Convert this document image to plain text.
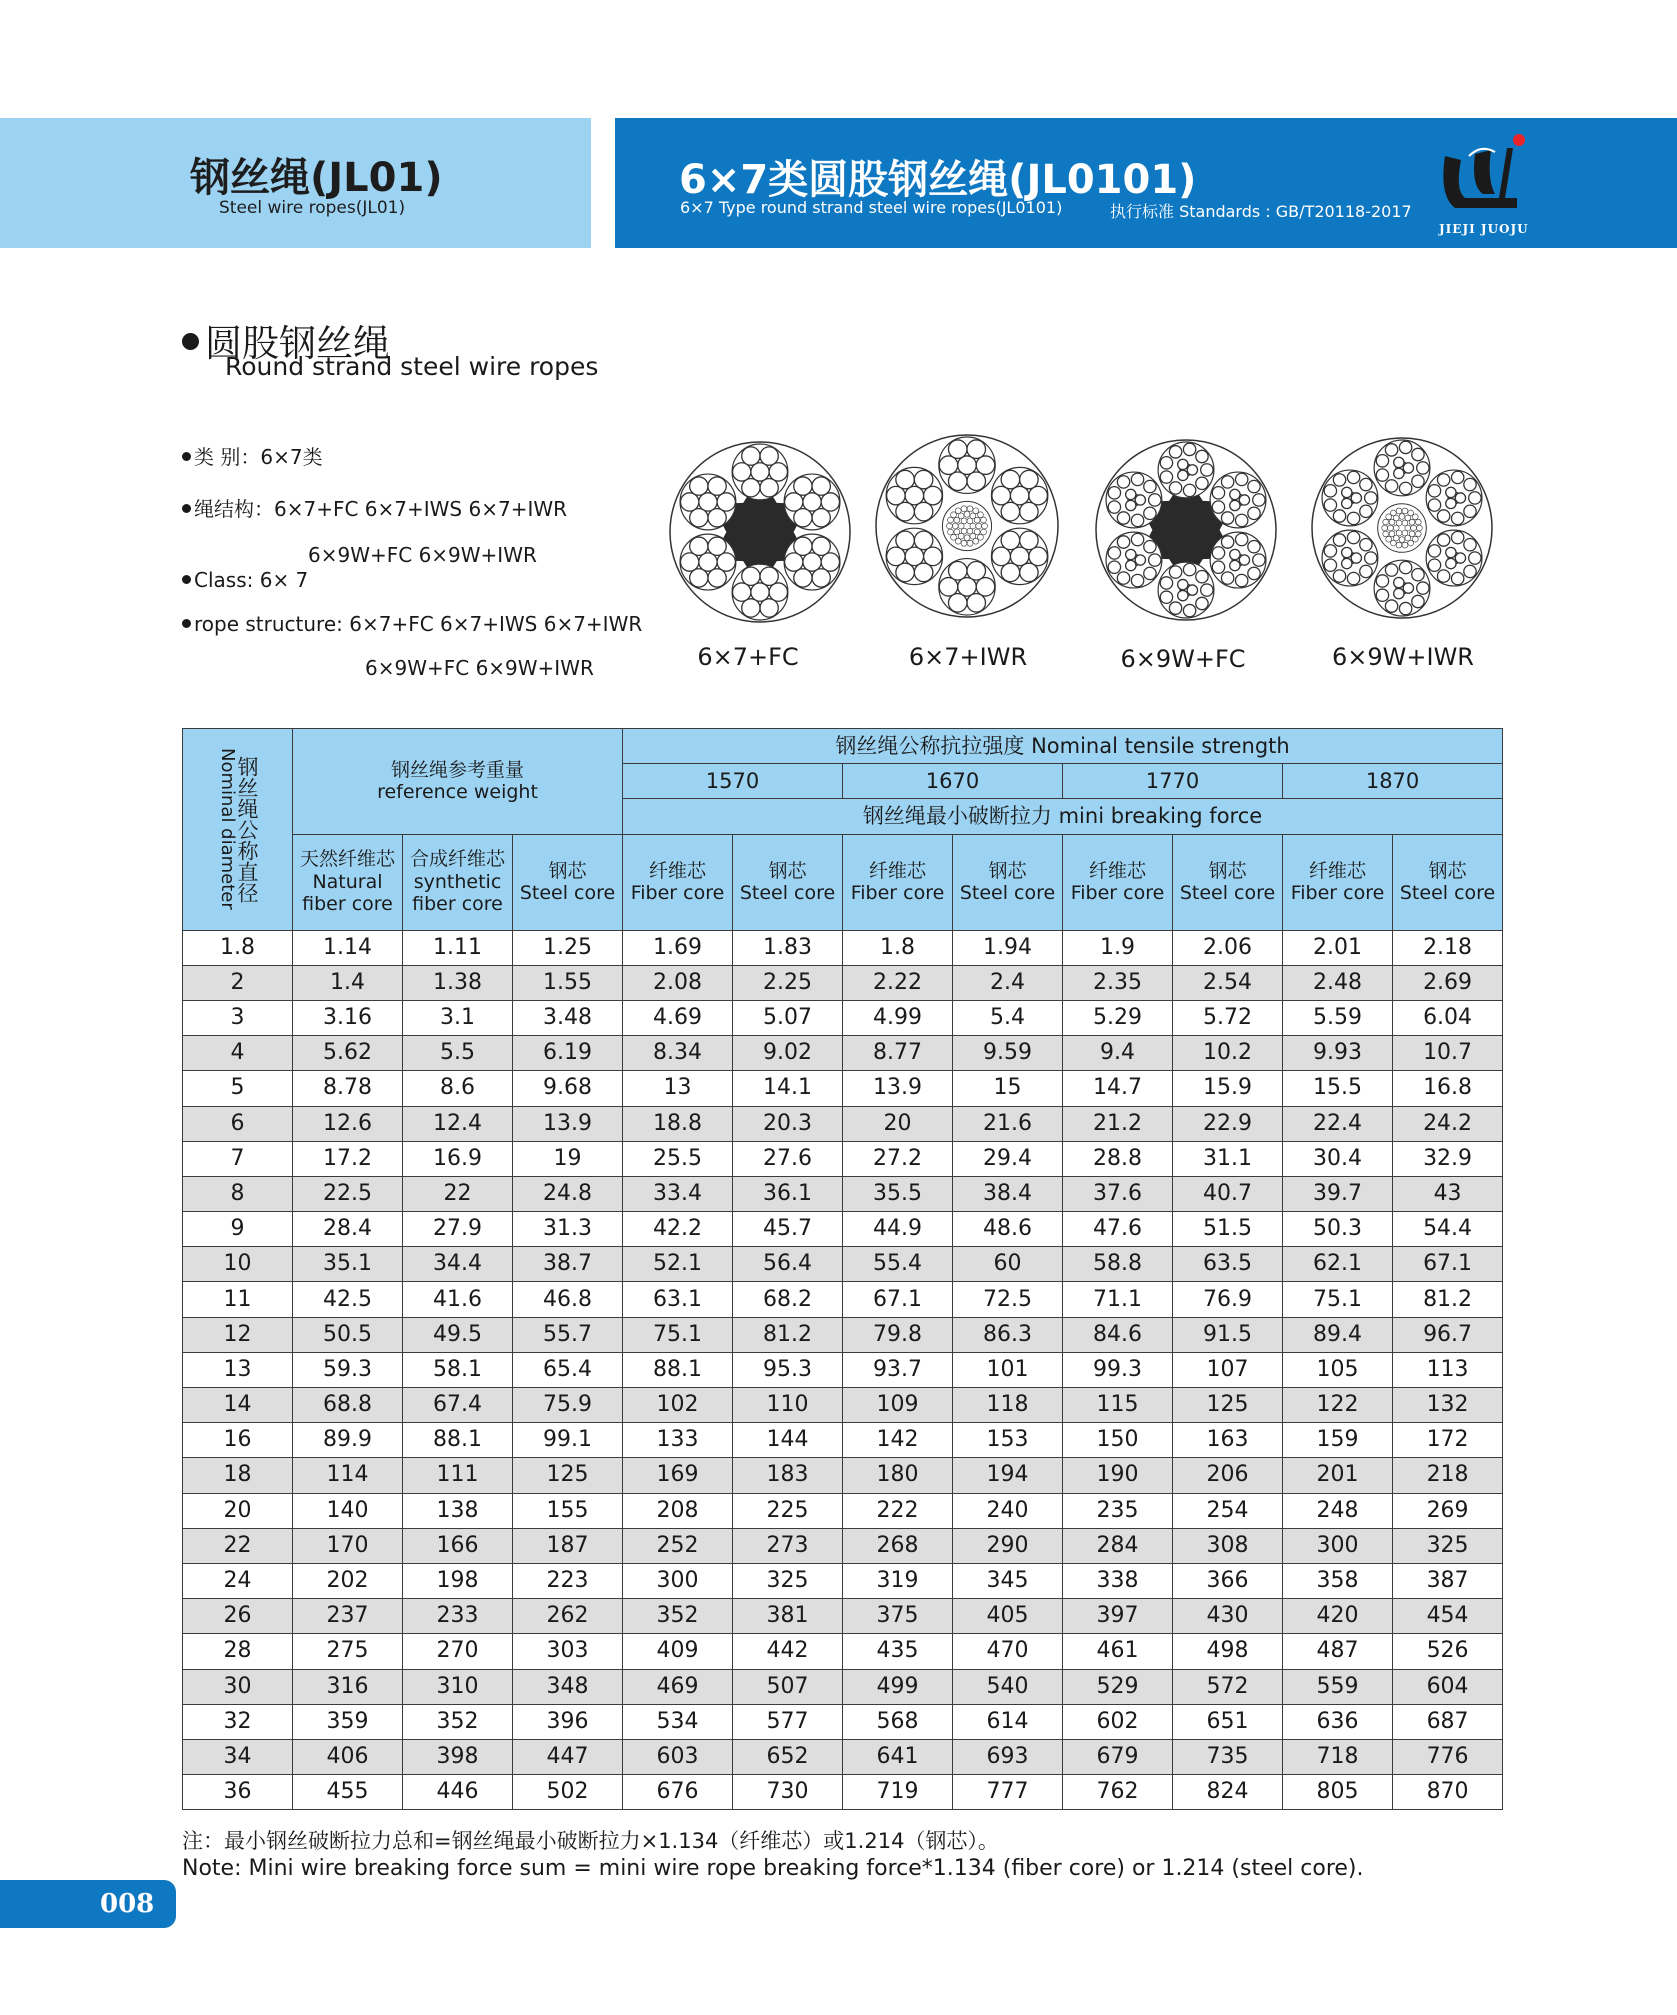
钢丝绳(JL01)
Steel wire ropes(JL01)
6×7类圆股钢丝绳(JL0101)
6×7 Type round strand steel wire ropes(JL0101)	执行标准 Standards : GB/T20118-2017
JIEJI JUOJU
圆股钢丝绳
Round strand steel wire ropes
类 别：6×7类
绳结构：6×7+FC 6×7+IWS 6×7+IWR
6×9W+FC 6×9W+IWR
Class: 6× 7
rope structure: 6×7+FC 6×7+IWS 6×7+IWR
6×9W+FC 6×9W+IWR	6×7+FC	6×7+IWR	6×9W+FC	6×9W+IWR
Nominal diameter
钢丝绳公称直径	钢丝绳参考重量
reference weight			钢丝绳公称抗拉强度 Nominal tensile strength							
				1570		1670		1770		1870	
				钢丝绳最小破断拉力 mini breaking force							
	天然纤维芯
Natural
fiber core	合成纤维芯
synthetic
fiber core	钢芯
Steel core	纤维芯
Fiber core	钢芯
Steel core	纤维芯
Fiber core	钢芯
Steel core	纤维芯
Fiber core	钢芯
Steel core	纤维芯
Fiber core	钢芯
Steel core
1.8	1.14	1.11	1.25	1.69	1.83	1.8	1.94	1.9	2.06	2.01	2.18
2	1.4	1.38	1.55	2.08	2.25	2.22	2.4	2.35	2.54	2.48	2.69
3	3.16	3.1	3.48	4.69	5.07	4.99	5.4	5.29	5.72	5.59	6.04
4	5.62	5.5	6.19	8.34	9.02	8.77	9.59	9.4	10.2	9.93	10.7
5	8.78	8.6	9.68	13	14.1	13.9	15	14.7	15.9	15.5	16.8
6	12.6	12.4	13.9	18.8	20.3	20	21.6	21.2	22.9	22.4	24.2
7	17.2	16.9	19	25.5	27.6	27.2	29.4	28.8	31.1	30.4	32.9
8	22.5	22	24.8	33.4	36.1	35.5	38.4	37.6	40.7	39.7	43
9	28.4	27.9	31.3	42.2	45.7	44.9	48.6	47.6	51.5	50.3	54.4
10	35.1	34.4	38.7	52.1	56.4	55.4	60	58.8	63.5	62.1	67.1
11	42.5	41.6	46.8	63.1	68.2	67.1	72.5	71.1	76.9	75.1	81.2
12	50.5	49.5	55.7	75.1	81.2	79.8	86.3	84.6	91.5	89.4	96.7
13	59.3	58.1	65.4	88.1	95.3	93.7	101	99.3	107	105	113
14	68.8	67.4	75.9	102	110	109	118	115	125	122	132
16	89.9	88.1	99.1	133	144	142	153	150	163	159	172
18	114	111	125	169	183	180	194	190	206	201	218
20	140	138	155	208	225	222	240	235	254	248	269
22	170	166	187	252	273	268	290	284	308	300	325
24	202	198	223	300	325	319	345	338	366	358	387
26	237	233	262	352	381	375	405	397	430	420	454
28	275	270	303	409	442	435	470	461	498	487	526
30	316	310	348	469	507	499	540	529	572	559	604
32	359	352	396	534	577	568	614	602	651	636	687
34	406	398	447	603	652	641	693	679	735	718	776
36	455	446	502	676	730	719	777	762	824	805	870
注：最小钢丝破断拉力总和=钢丝绳最小破断拉力×1.134（纤维芯）或1.214（钢芯）。
Note: Mini wire breaking force sum = mini wire rope breaking force*1.134 (fiber core) or 1.214 (steel core).
008
